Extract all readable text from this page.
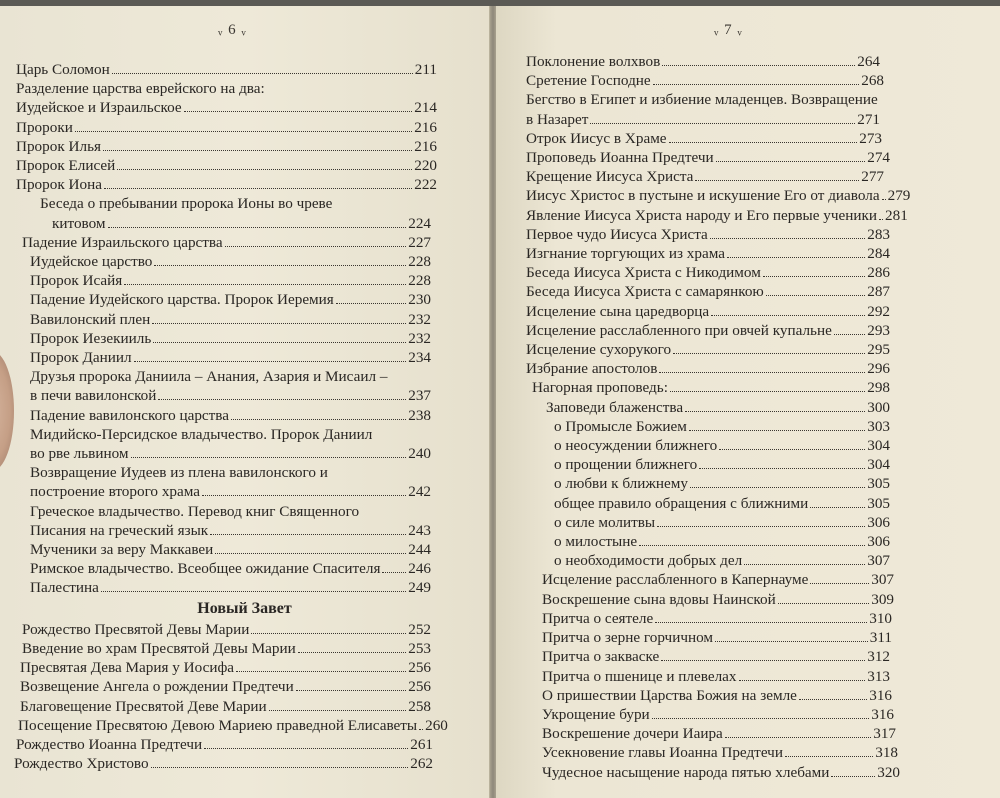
ᵥ 6 ᵥ
Царь Соломон	211
Разделение царства еврейского на два:
Иудейское и Израильское	214
Пророки	216
Пророк Илья	216
Пророк Елисей	220
Пророк Иона	222
Беседа о пребывании пророка Ионы во чреве
китовом	224
Падение Израильского царства	227
Иудейское царство	228
Пророк Исайя	228
Падение Иудейского царства. Пророк Иеремия	230
Вавилонский плен	232
Пророк Иезекииль	232
Пророк Даниил	234
Друзья пророка Даниила – Анания, Азария и Мисаил –
в печи вавилонской	237
Падение вавилонского царства	238
Мидийско-Персидское владычество. Пророк Даниил
во рве львином	240
Возвращение Иудеев из плена вавилонского и
построение второго храма	242
Греческое владычество. Перевод книг Священного
Писания на греческий язык	243
Мученики за веру Маккавеи	244
Римское владычество. Всеобщее ожидание Спасителя 246
Палестина	249
Новый Завет
Рождество Пресвятой Девы Марии	252
Введение во храм Пресвятой Девы Марии	253
Пресвятая Дева Мария у Иосифа	256
Возвещение Ангела о рождении Предтечи	256
Благовещение Пресвятой Деве Марии	258
Посещение Пресвятою Девою Мариею праведной Елисаветы 260
Рождество Иоанна Предтечи	261
Рождество Христово	262
ᵥ 7 ᵥ
Поклонение волхвов	264
Сретение Господне	268
Бегство в Египет и избиение младенцев. Возвращение
в Назарет	271
Отрок Иисус в Храме	273
Проповедь Иоанна Предтечи	274
Крещение Иисуса Христа	277
Иисус Христос в пустыне и искушение Его от диавола 279
Явление Иисуса Христа народу и Его первые ученики 281
Первое чудо Иисуса Христа	283
Изгнание торгующих из храма	284
Беседа Иисуса Христа с Никодимом	286
Беседа Иисуса Христа с самарянкою	287
Исцеление сына царедворца	292
Исцеление расслабленного при овчей купальне 293
Исцеление сухорукого	295
Избрание апостолов	296
Нагорная проповедь:	298
Заповеди блаженства	300
о Промысле Божием	303
о неосуждении ближнего	304
о прощении ближнего	304
о любви к ближнему	305
общее правило обращения с ближними	305
о силе молитвы	306
о милостыне	306
о необходимости добрых дел	307
Исцеление расслабленного в Капернауме	307
Воскрешение сына вдовы Наинской	309
Притча о сеятеле	310
Притча о зерне горчичном	311
Притча о закваске	312
Притча о пшенице и плевелах	313
О пришествии Царства Божия на земле	316
Укрощение бури	316
Воскрешение дочери Иаира	317
Усекновение главы Иоанна Предтечи	318
Чудесное насыщение народа пятью хлебами	320
